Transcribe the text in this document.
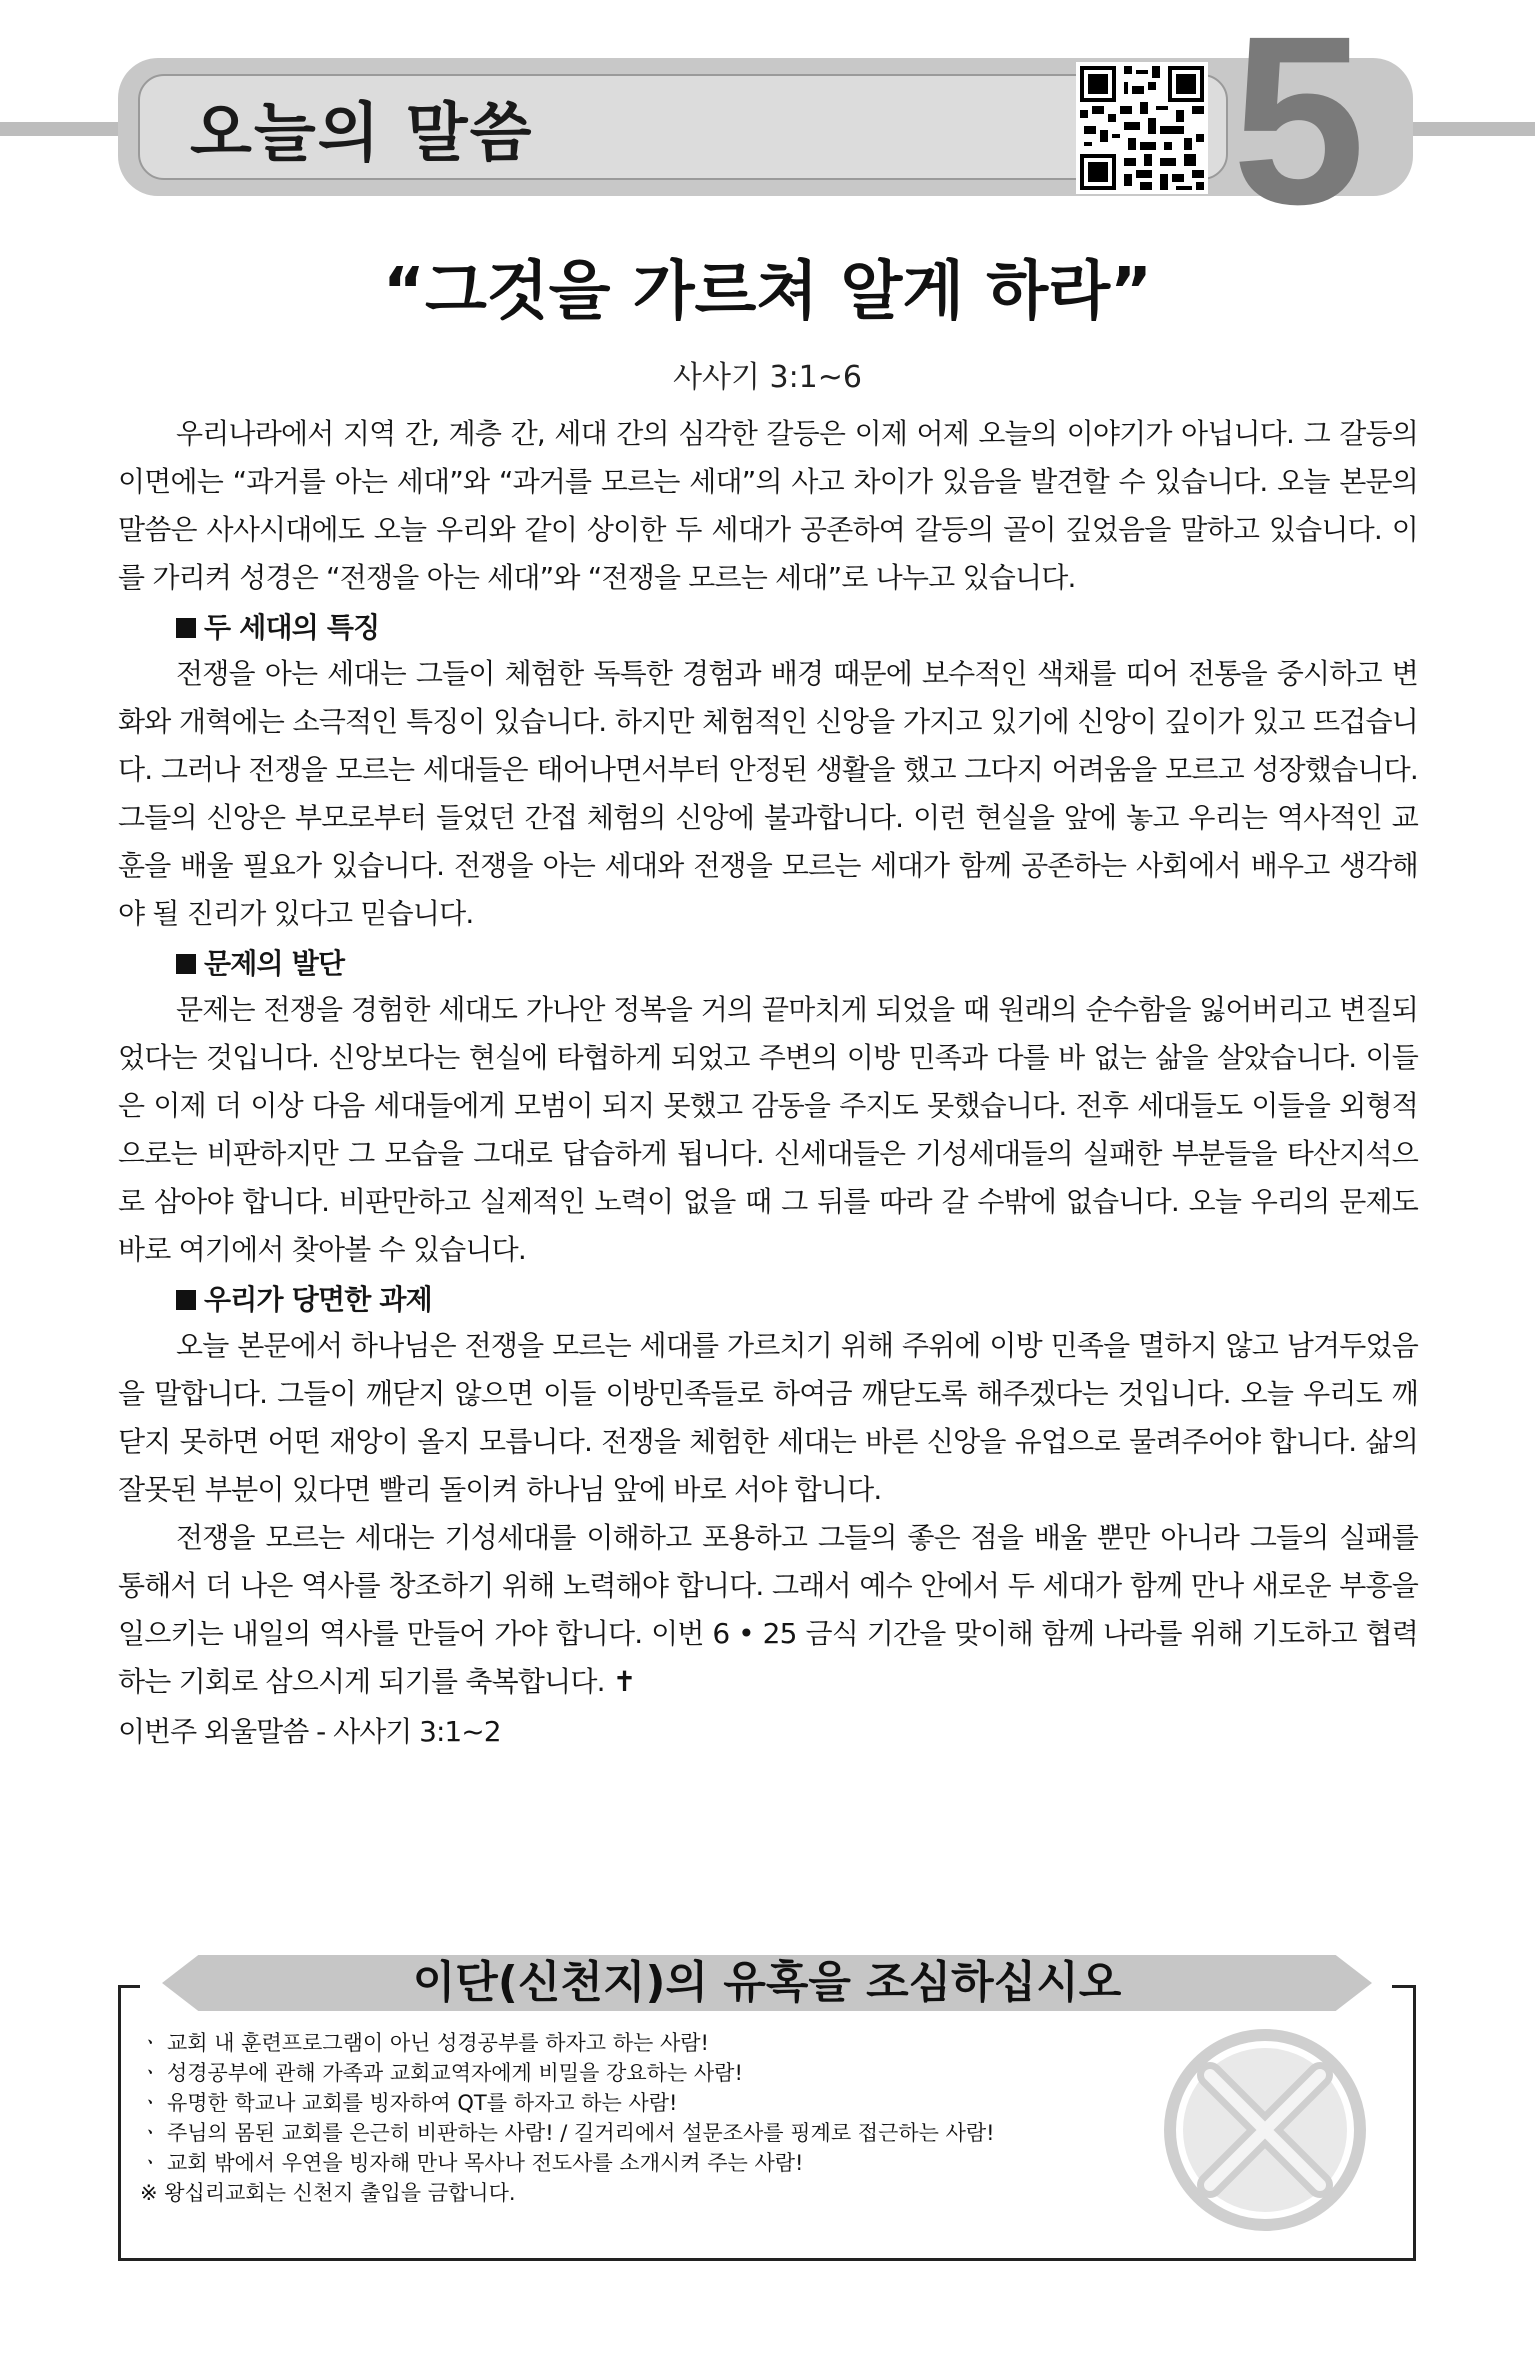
오늘의 말씀	5
“그것을 가르쳐 알게 하라”
사사기 3:1~6

우리나라에서 지역 간, 계층 간, 세대 간의 심각한 갈등은 이제 어제 오늘의 이야기가 아닙니다. 그 갈등의 이면에는 “과거를 아는 세대”와 “과거를 모르는 세대”의 사고 차이가 있음을 발견할 수 있습니다. 오늘 본문의 말씀은 사사시대에도 오늘 우리와 같이 상이한 두 세대가 공존하여 갈등의 골이 깊었음을 말하고 있습니다. 이를 가리켜 성경은 “전쟁을 아는 세대”와 “전쟁을 모르는 세대”로 나누고 있습니다.

두 세대의 특징

전쟁을 아는 세대는 그들이 체험한 독특한 경험과 배경 때문에 보수적인 색채를 띠어 전통을 중시하고 변화와 개혁에는 소극적인 특징이 있습니다. 하지만 체험적인 신앙을 가지고 있기에 신앙이 깊이가 있고 뜨겁습니다. 그러나 전쟁을 모르는 세대들은 태어나면서부터 안정된 생활을 했고 그다지 어려움을 모르고 성장했습니다. 그들의 신앙은 부모로부터 들었던 간접 체험의 신앙에 불과합니다. 이런 현실을 앞에 놓고 우리는 역사적인 교훈을 배울 필요가 있습니다. 전쟁을 아는 세대와 전쟁을 모르는 세대가 함께 공존하는 사회에서 배우고 생각해야 될 진리가 있다고 믿습니다.

문제의 발단

문제는 전쟁을 경험한 세대도 가나안 정복을 거의 끝마치게 되었을 때 원래의 순수함을 잃어버리고 변질되었다는 것입니다. 신앙보다는 현실에 타협하게 되었고 주변의 이방 민족과 다를 바 없는 삶을 살았습니다. 이들은 이제 더 이상 다음 세대들에게 모범이 되지 못했고 감동을 주지도 못했습니다. 전후 세대들도 이들을 외형적으로는 비판하지만 그 모습을 그대로 답습하게 됩니다. 신세대들은 기성세대들의 실패한 부분들을 타산지석으로 삼아야 합니다. 비판만하고 실제적인 노력이 없을 때 그 뒤를 따라 갈 수밖에 없습니다. 오늘 우리의 문제도 바로 여기에서 찾아볼 수 있습니다.

우리가 당면한 과제

오늘 본문에서 하나님은 전쟁을 모르는 세대를 가르치기 위해 주위에 이방 민족을 멸하지 않고 남겨두었음을 말합니다. 그들이 깨닫지 않으면 이들 이방민족들로 하여금 깨닫도록 해주겠다는 것입니다. 오늘 우리도 깨닫지 못하면 어떤 재앙이 올지 모릅니다. 전쟁을 체험한 세대는 바른 신앙을 유업으로 물려주어야 합니다. 삶의 잘못된 부분이 있다면 빨리 돌이켜 하나님 앞에 바로 서야 합니다.

전쟁을 모르는 세대는 기성세대를 이해하고 포용하고 그들의 좋은 점을 배울 뿐만 아니라 그들의 실패를 통해서 더 나은 역사를 창조하기 위해 노력해야 합니다. 그래서 예수 안에서 두 세대가 함께 만나 새로운 부흥을 일으키는 내일의 역사를 만들어 가야 합니다. 이번 6 • 25 금식 기간을 맞이해 함께 나라를 위해 기도하고 협력하는 기회로 삼으시게 되기를 축복합니다. ✝

이번주 외울말씀 - 사사기 3:1~2
이단(신천지)의 유혹을 조심하십시오
ㆍ 교회 내 훈련프로그램이 아닌 성경공부를 하자고 하는 사람!
ㆍ 성경공부에 관해 가족과 교회교역자에게 비밀을 강요하는 사람!
ㆍ 유명한 학교나 교회를 빙자하여 QT를 하자고 하는 사람!
ㆍ 주님의 몸된 교회를 은근히 비판하는 사람! / 길거리에서 설문조사를 핑계로 접근하는 사람!
ㆍ 교회 밖에서 우연을 빙자해 만나 목사나 전도사를 소개시켜 주는 사람!
※ 왕십리교회는 신천지 출입을 금합니다.
